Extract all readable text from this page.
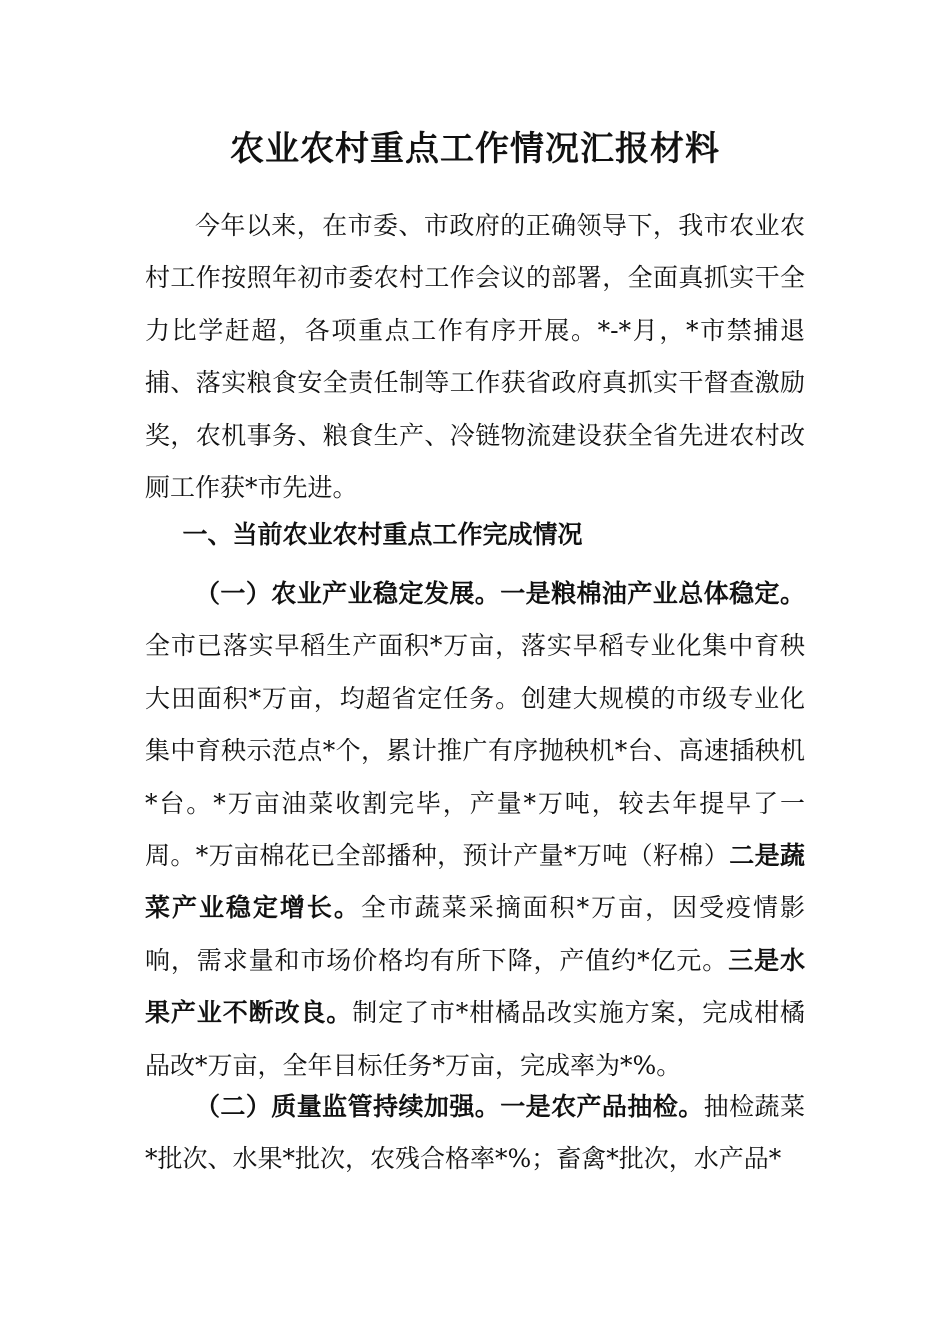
农业农村重点工作情况汇报材料

今年以来，在市委、市政府的正确领导下，我市农业农村工作按照年初市委农村工作会议的部署，全面真抓实干全力比学赶超，各项重点工作有序开展。*-*月，*市禁捕退捕、落实粮食安全责任制等工作获省政府真抓实干督查激励奖，农机事务、粮食生产、冷链物流建设获全省先进农村改厕工作获*市先进。

一、当前农业农村重点工作完成情况

（一）农业产业稳定发展。一是粮棉油产业总体稳定。全市已落实早稻生产面积*万亩，落实早稻专业化集中育秧大田面积*万亩，均超省定任务。创建大规模的市级专业化集中育秧示范点*个，累计推广有序抛秧机*台、高速插秧机*台。*万亩油菜收割完毕，产量*万吨，较去年提早了一周。*万亩棉花已全部播种，预计产量*万吨（籽棉）二是蔬菜产业稳定增长。全市蔬菜采摘面积*万亩，因受疫情影响，需求量和市场价格均有所下降，产值约*亿元。三是水果产业不断改良。制定了市*柑橘品改实施方案，完成柑橘品改*万亩，全年目标任务*万亩，完成率为*%。

（二）质量监管持续加强。一是农产品抽检。抽检蔬菜*批次、水果*批次，农残合格率*%；畜禽*批次，水产品*
